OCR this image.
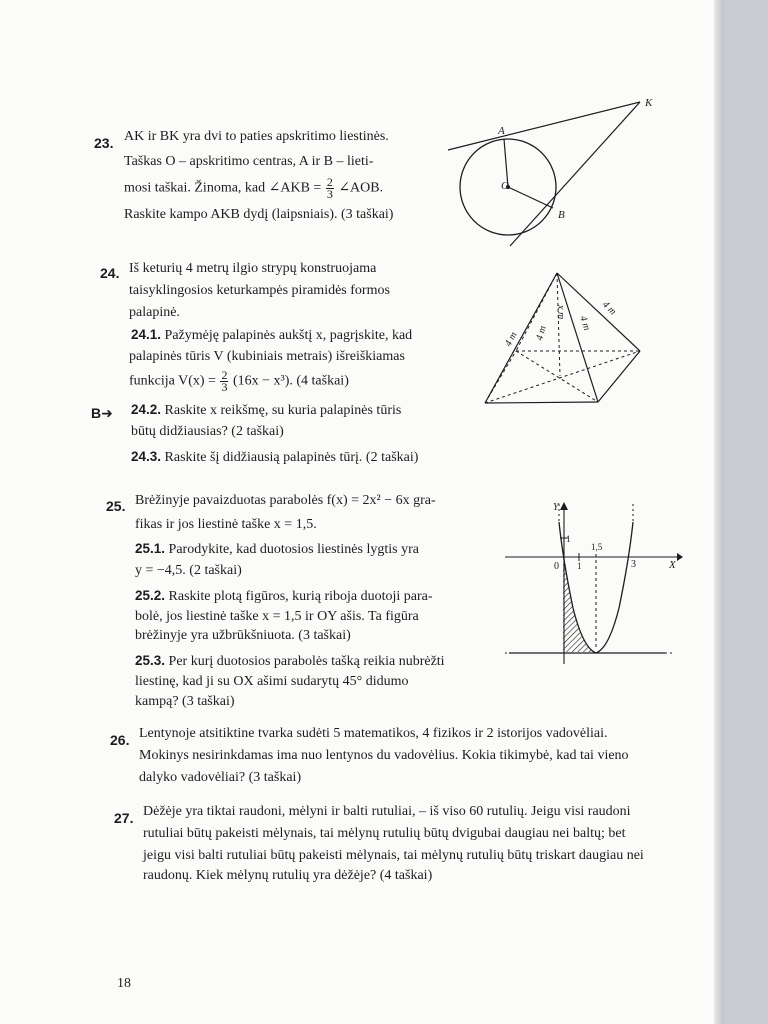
23. AK ir BK yra dvi to paties apskritimo liestinės.
Taškas O – apskritimo centras, A ir B – lieti-
mosi taškai. Žinoma, kad ∠AKB = $\frac{2}{3}$ ∠AOB.
Raskite kampo AKB dydį (laipsniais). (3 taškai)
A
K
O
B
24. Iš keturių 4 metrų ilgio strypų konstruojama
taisyklingosios keturkampės piramidės formos
palapinė.
24.1. Pažymėję palapinės aukštį x, pagrįskite, kad
palapinės tūris V (kubiniais metrais) išreiškiamas
funkcija $V(x) = \frac{2}{3} (16x - x^3)$. (4 taškai)
B➜ 24.2. Raskite x reikšmę, su kuria palapinės tūris
būtų didžiausias? (2 taškai)
24.3. Raskite šį didžiausią palapinės tūrį. (2 taškai)
4 m 4 m
x m
4 m
4 m
25. Brėžinyje pavaizduotas parabolės f(x) = 2x² − 6x gra-
fikas ir jos liestinė taške x = 1,5.
25.1. Parodykite, kad duotosios liestinės lygtis yra
y = −4,5. (2 taškai)
25.2. Raskite plotą figūros, kurią riboja duotoji para-
bolė, jos liestinė taške x = 1,5 ir OY ašis. Ta figūra
brėžinyje yra užbrūkšniuota. (3 taškai)
25.3. Per kurį duotosios parabolės tašką reikia nubrėžti
liestinę, kad ji su OX ašimi sudarytų 45° didumo
kampą? (3 taškai)
Y
X
0
1
1
1,5
3
26. Lentynoje atsitiktine tvarka sudėti 5 matematikos, 4 fizikos ir 2 istorijos vadovėliai.
Mokinys nesirinkdamas ima nuo lentynos du vadovėlius. Kokia tikimybė, kad tai vieno
dalyko vadovėliai? (3 taškai)
27. Dėžėje yra tiktai raudoni, mėlyni ir balti rutuliai, – iš viso 60 rutulių. Jeigu visi raudoni
rutuliai būtų pakeisti mėlynais, tai mėlynų rutulių būtų dvigubai daugiau nei baltų; bet
jeigu visi balti rutuliai būtų pakeisti mėlynais, tai mėlynų rutulių būtų triskart daugiau nei
raudonų. Kiek mėlynų rutulių yra dėžėje? (4 taškai)
18
